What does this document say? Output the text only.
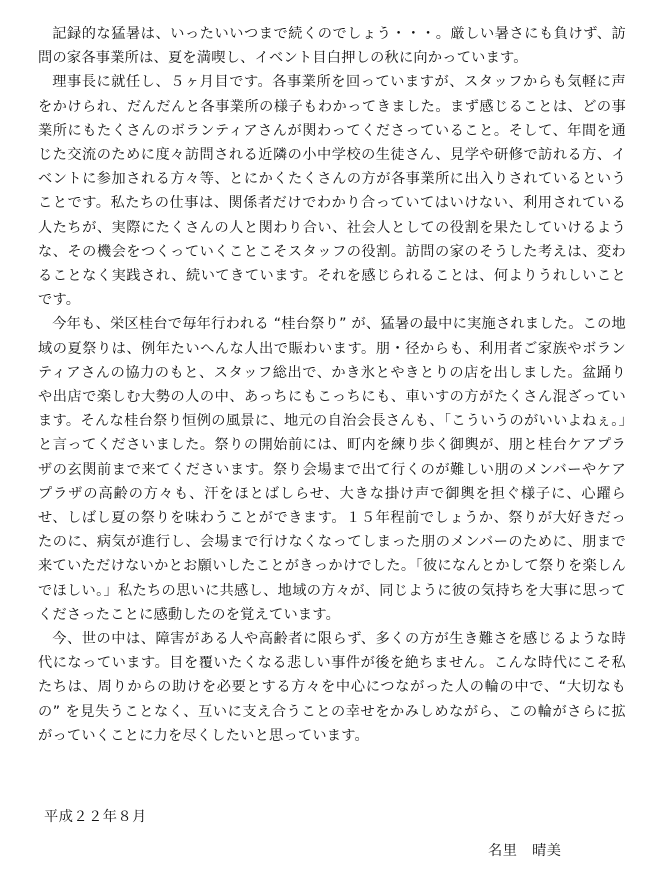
記録的な猛暑は、いったいいつまで続くのでしょう・・・。厳しい暑さにも負けず、訪問の家各事業所は、夏を満喫し、イベント目白押しの秋に向かっています。

理事長に就任し、５ヶ月目です。各事業所を回っていますが、スタッフからも気軽に声をかけられ、だんだんと各事業所の様子もわかってきました。まず感じることは、どの事業所にもたくさんのボランティアさんが関わってくださっていること。そして、年間を通じた交流のために度々訪問される近隣の小中学校の生徒さん、見学や研修で訪れる方、イベントに参加される方々等、とにかくたくさんの方が各事業所に出入りされているということです。私たちの仕事は、関係者だけでわかり合っていてはいけない、利用されている人たちが、実際にたくさんの人と関わり合い、社会人としての役割を果たしていけるような、その機会をつくっていくことこそスタッフの役割。訪問の家のそうした考えは、変わることなく実践され、続いてきています。それを感じられることは、何よりうれしいことです。

今年も、栄区桂台で毎年行われる “桂台祭り” が、猛暑の最中に実施されました。この地域の夏祭りは、例年たいへんな人出で賑わいます。朋・径からも、利用者ご家族やボランティアさんの協力のもと、スタッフ総出で、かき氷とやきとりの店を出しました。盆踊りや出店で楽しむ大勢の人の中、あっちにもこっちにも、車いすの方がたくさん混ざっています。そんな桂台祭り恒例の風景に、地元の自治会長さんも、「こういうのがいいよねぇ。」と言ってくださいました。祭りの開始前には、町内を練り歩く御輿が、朋と桂台ケアプラザの玄関前まで来てくださいます。祭り会場まで出て行くのが難しい朋のメンバーやケアプラザの高齢の方々も、汗をほとばしらせ、大きな掛け声で御輿を担ぐ様子に、心躍らせ、しばし夏の祭りを味わうことができます。１５年程前でしょうか、祭りが大好きだったのに、病気が進行し、会場まで行けなくなってしまった朋のメンバーのために、朋まで来ていただけないかとお願いしたことがきっかけでした。「彼になんとかして祭りを楽しんでほしい。」私たちの思いに共感し、地域の方々が、同じように彼の気持ちを大事に思ってくださったことに感動したのを覚えています。

今、世の中は、障害がある人や高齢者に限らず、多くの方が生き難さを感じるような時代になっています。目を覆いたくなる悲しい事件が後を絶ちません。こんな時代にこそ私たちは、周りからの助けを必要とする方々を中心につながった人の輪の中で、“大切なもの” を見失うことなく、互いに支え合うことの幸せをかみしめながら、この輪がさらに拡がっていくことに力を尽くしたいと思っています。

平成２２年８月
名里　晴美
